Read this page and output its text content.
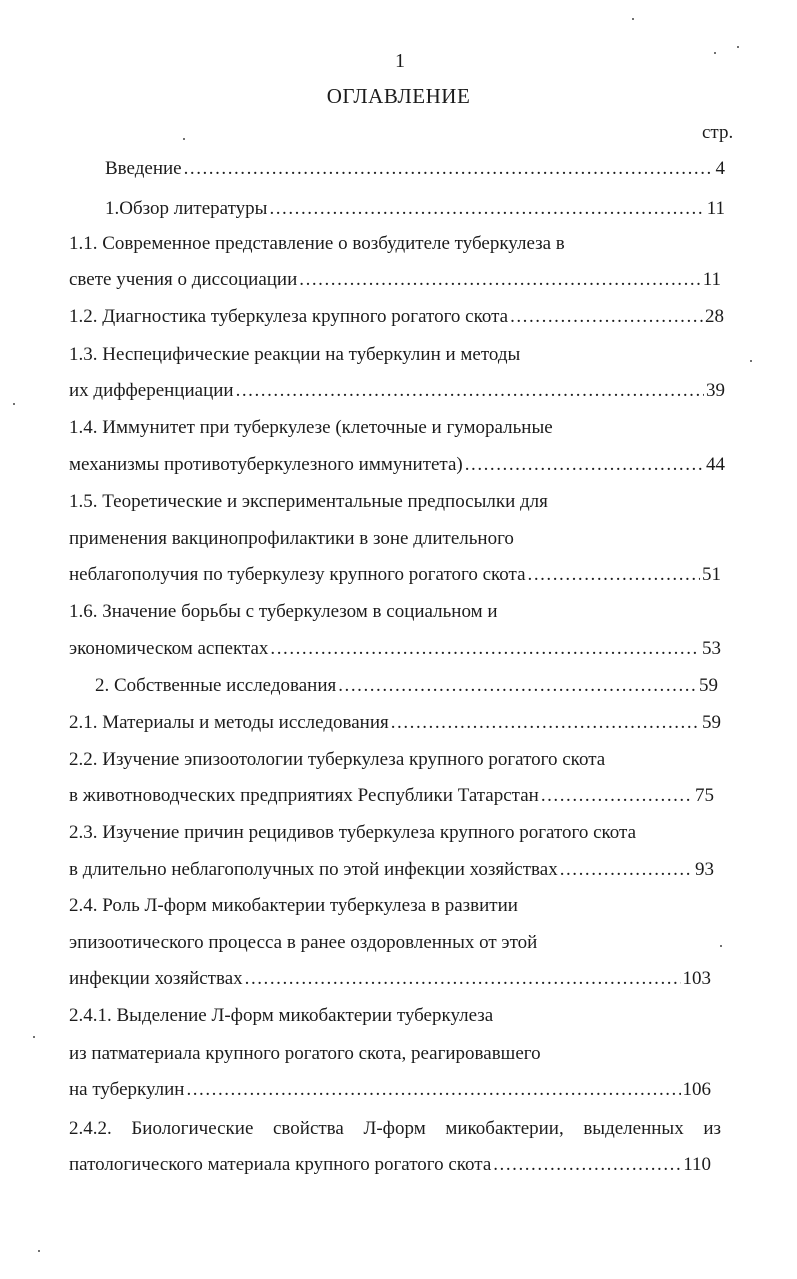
1
ОГЛАВЛЕНИЕ
стр.
Введение . . .	4
1.Обзор литературы . . .	11
1.1. Современное представление о возбудителе туберкулеза в
свете учения о диссоциации . . .	11
1.2. Диагностика туберкулеза крупного рогатого скота . . .	28
1.3. Неспецифические реакции на туберкулин и методы
их дифференциации . . .	39
1.4. Иммунитет при туберкулезе (клеточные и гуморальные
механизмы противотуберкулезного иммунитета) . . .	44
1.5. Теоретические и экспериментальные предпосылки для
применения вакцинопрофилактики в зоне длительного
неблагополучия по туберкулезу крупного рогатого скота . . .	51
1.6. Значение борьбы с туберкулезом в социальном и
экономическом аспектах . . .	53
2. Собственные исследования . . .	59
2.1. Материалы и методы исследования . . .	59
2.2. Изучение эпизоотологии туберкулеза крупного рогатого скота
в животноводческих предприятиях Республики Татарстан . . .	75
2.3. Изучение причин рецидивов туберкулеза крупного рогатого скота
в длительно неблагополучных по этой инфекции хозяйствах . . .	93
2.4. Роль Л-форм микобактерии туберкулеза в развитии
эпизоотического процесса в ранее оздоровленных от этой
инфекции хозяйствах . . .	103
2.4.1. Выделение Л-форм микобактерии туберкулеза
из патматериала крупного рогатого скота, реагировавшего
на туберкулин . . .	106
2.4.2. Биологические свойства Л-форм микобактерии, выделенных из
патологического материала крупного рогатого скота . . .	110
